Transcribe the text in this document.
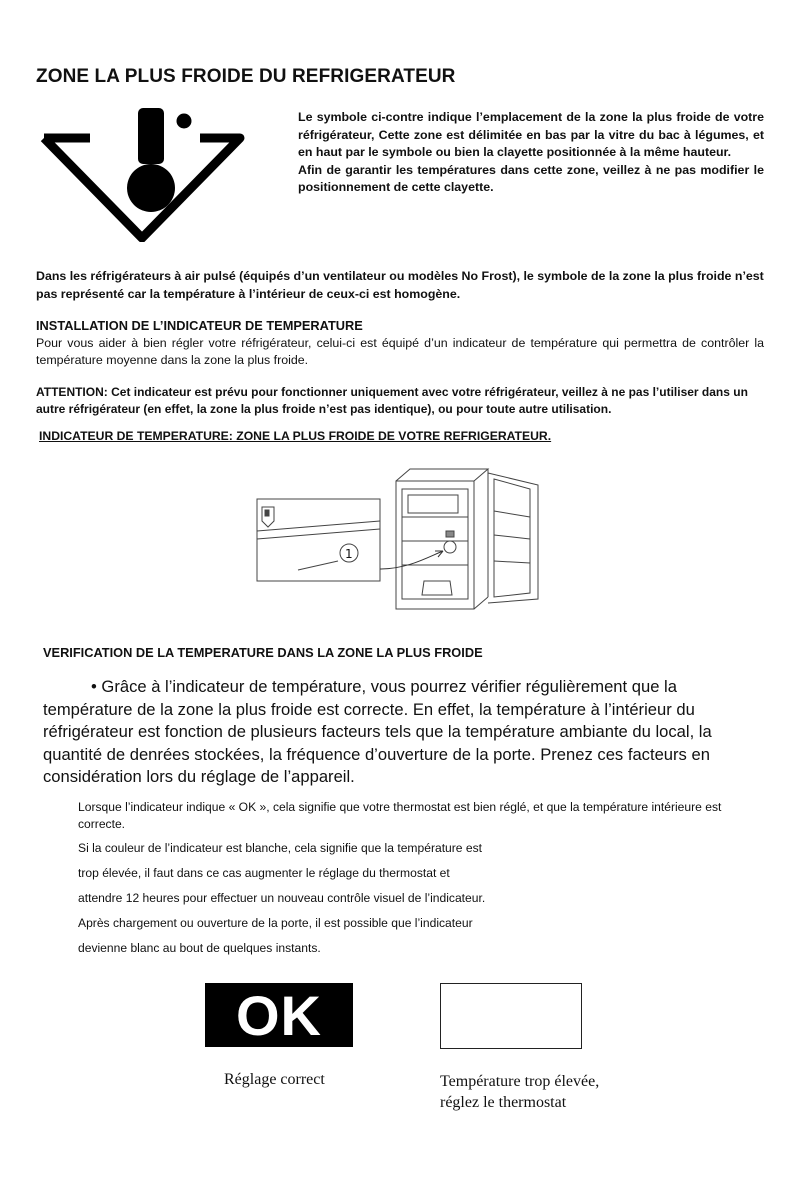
ZONE LA PLUS FROIDE DU REFRIGERATEUR

Le symbole ci-contre indique l’emplacement de la zone la plus froide de votre réfrigérateur, Cette zone est délimitée en bas par la vitre du bac à légumes, et en haut par le symbole ou bien la clayette positionnée à la même hauteur.

Afin de garantir les températures dans cette zone, veillez à ne pas modifier le positionnement de cette clayette.

Dans les réfrigérateurs à air pulsé (équipés d’un ventilateur ou modèles No Frost), le symbole de la zone la plus froide n’est pas représenté car la température à l’intérieur de ceux-ci est homogène.
INSTALLATION DE L’INDICATEUR DE TEMPERATURE
Pour vous aider à bien régler votre réfrigérateur, celui-ci est équipé d’un indicateur de température qui permettra de contrôler la température moyenne dans la zone la plus froide.
ATTENTION: Cet indicateur est prévu pour fonctionner uniquement avec votre réfrigérateur, veillez à ne pas l’utiliser dans un autre réfrigérateur (en effet, la zone la plus froide n’est pas identique), ou pour toute autre utilisation.
INDICATEUR DE TEMPERATURE: ZONE LA PLUS FROIDE DE VOTRE REFRIGERATEUR.
1
VERIFICATION DE LA TEMPERATURE DANS LA ZONE LA PLUS FROIDE

• Grâce à l’indicateur de température, vous pourrez vérifier régulièrement que la température de la zone la plus froide est correcte. En effet, la température à l’intérieur du réfrigérateur est fonction de plusieurs facteurs tels que la température ambiante du local, la quantité de denrées stockées, la fréquence d’ouverture de la porte. Prenez ces facteurs en considération lors du réglage de l’appareil.

Lorsque l’indicateur indique « OK », cela signifie que votre thermostat est bien réglé, et que la température intérieure est correcte.
Si la couleur de l’indicateur est blanche, cela signifie que la température est
trop élevée, il faut dans ce cas augmenter le réglage du thermostat et
attendre 12 heures pour effectuer un nouveau contrôle visuel de l’indicateur.
Après chargement ou ouverture de la porte, il est possible que l’indicateur
devienne blanc au bout de quelques instants.
OK
Réglage correct	Température trop élevée, réglez le thermostat
